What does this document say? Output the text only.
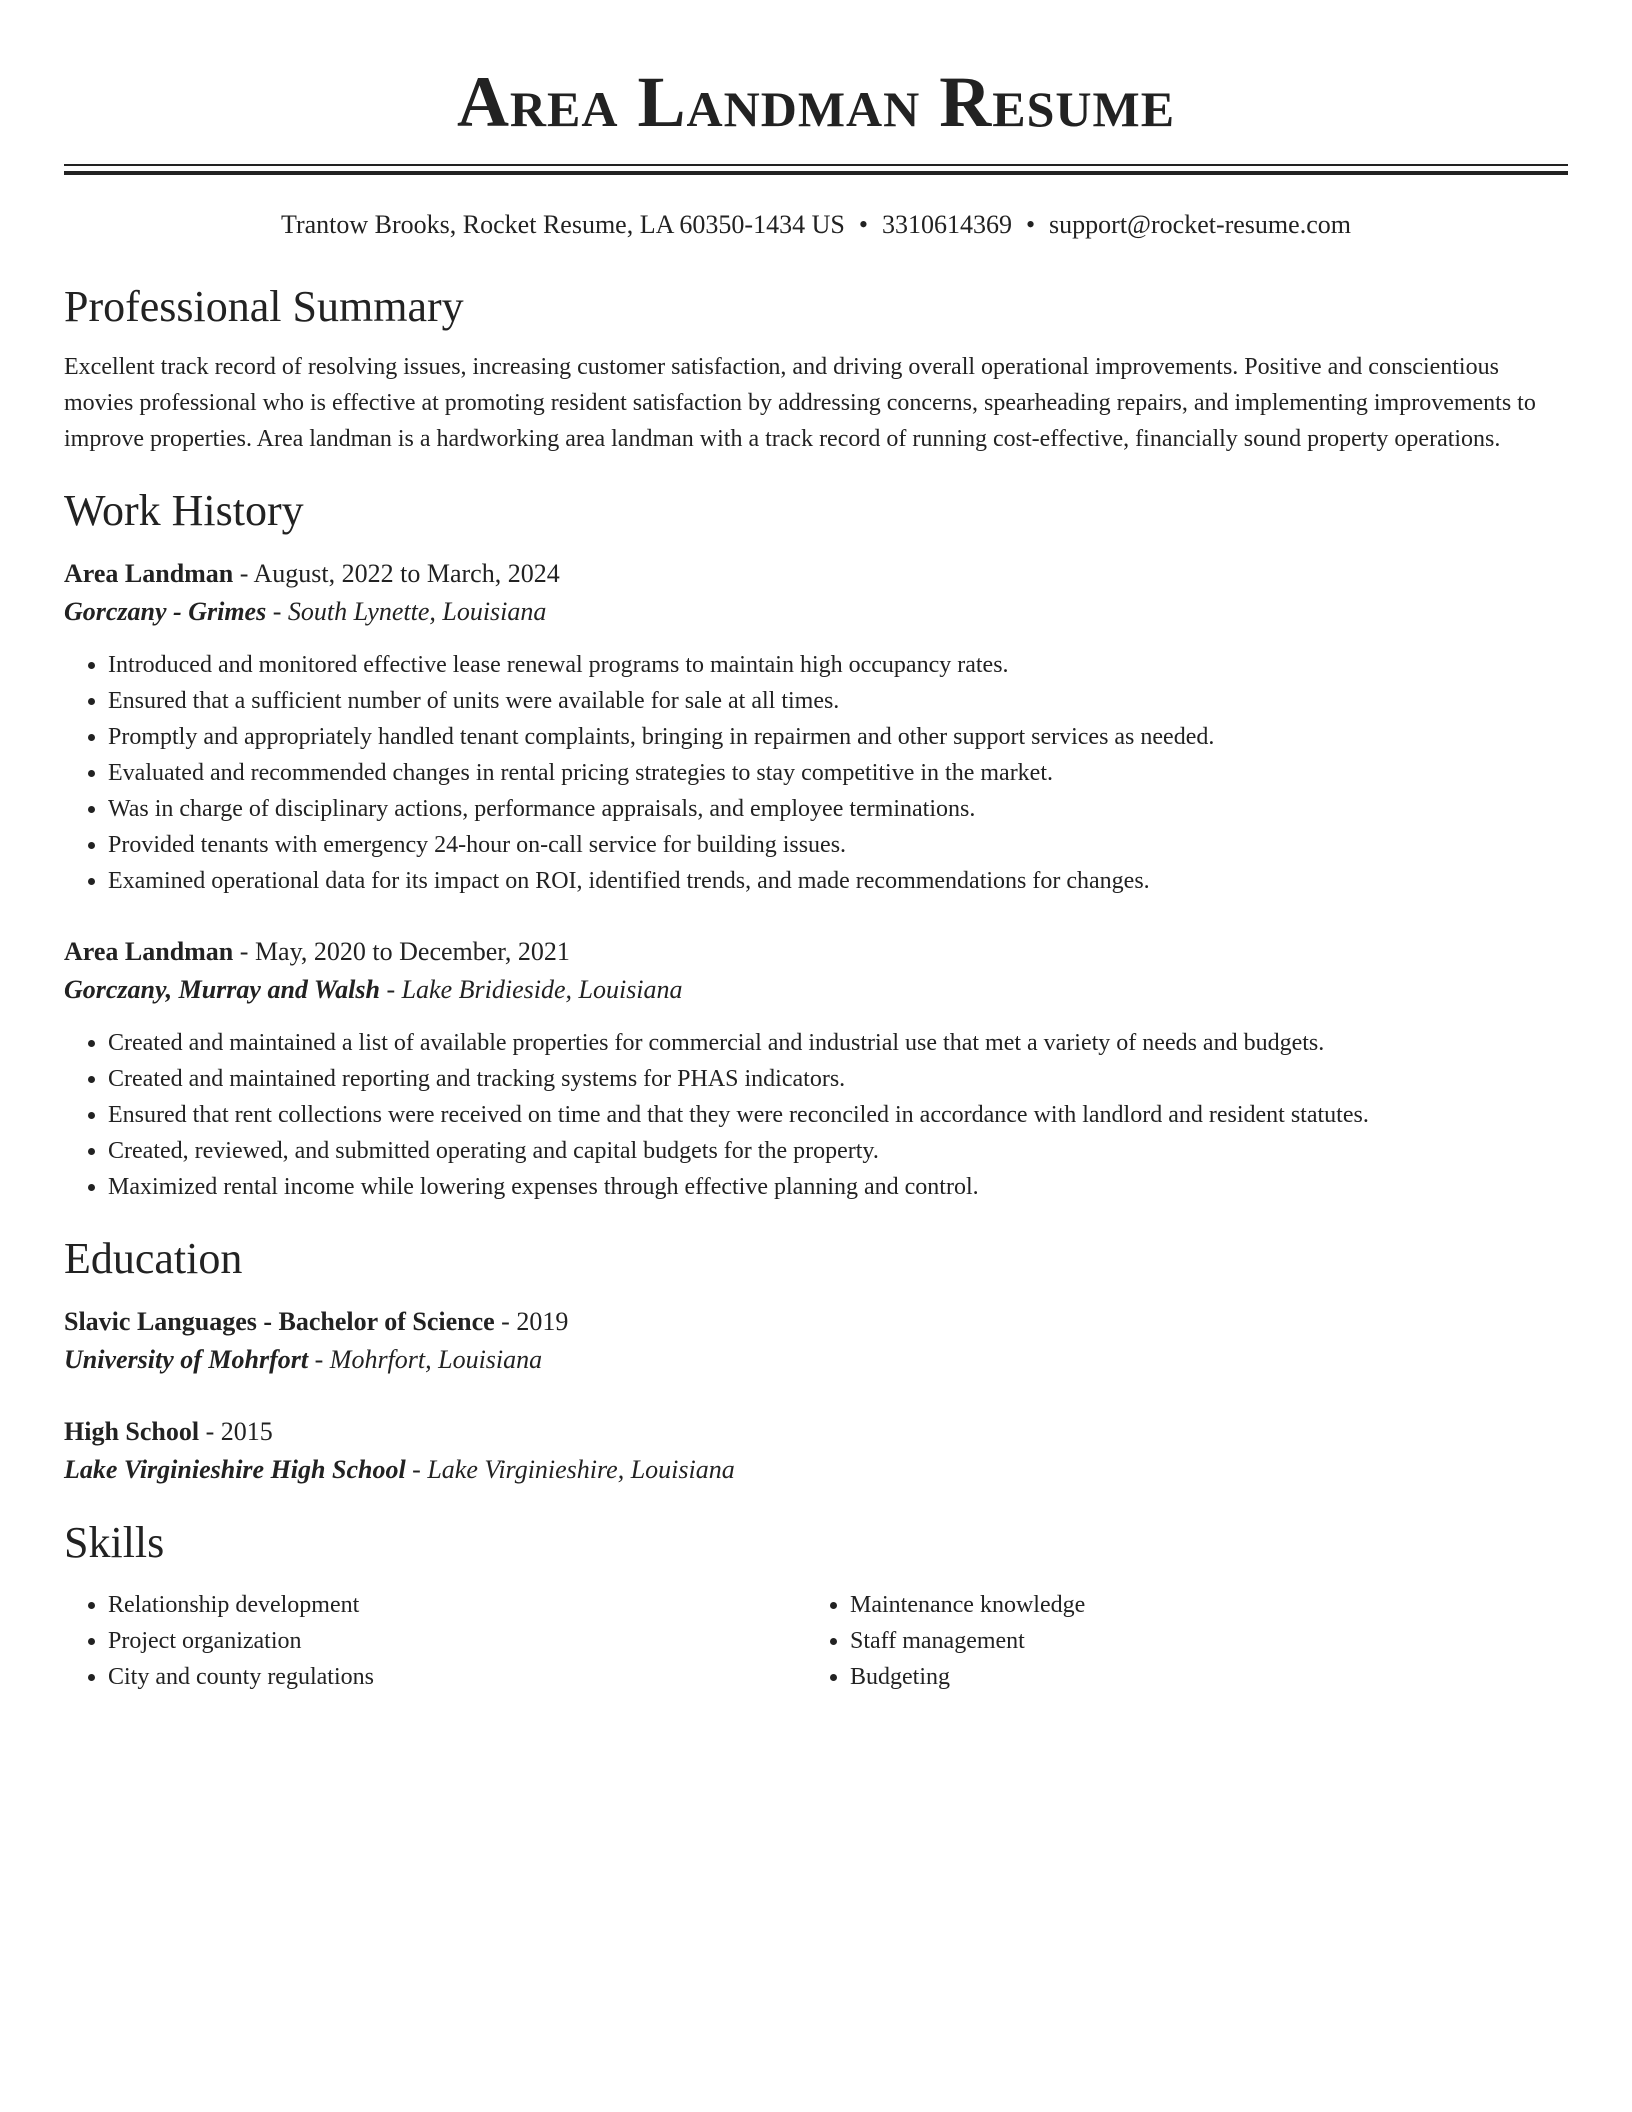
Area Landman Resume
Trantow Brooks, Rocket Resume, LA 60350-1434 US • 3310614369 • support@rocket-resume.com
Professional Summary
Excellent track record of resolving issues, increasing customer satisfaction, and driving overall operational improvements. Positive and conscientious movies professional who is effective at promoting resident satisfaction by addressing concerns, spearheading repairs, and implementing improvements to improve properties. Area landman is a hardworking area landman with a track record of running cost-effective, financially sound property operations.
Work History
Area Landman - August, 2022 to March, 2024
Gorczany - Grimes - South Lynette, Louisiana
• Introduced and monitored effective lease renewal programs to maintain high occupancy rates.
• Ensured that a sufficient number of units were available for sale at all times.
• Promptly and appropriately handled tenant complaints, bringing in repairmen and other support services as needed.
• Evaluated and recommended changes in rental pricing strategies to stay competitive in the market.
• Was in charge of disciplinary actions, performance appraisals, and employee terminations.
• Provided tenants with emergency 24-hour on-call service for building issues.
• Examined operational data for its impact on ROI, identified trends, and made recommendations for changes.
Area Landman - May, 2020 to December, 2021
Gorczany, Murray and Walsh - Lake Bridieside, Louisiana
• Created and maintained a list of available properties for commercial and industrial use that met a variety of needs and budgets.
• Created and maintained reporting and tracking systems for PHAS indicators.
• Ensured that rent collections were received on time and that they were reconciled in accordance with landlord and resident statutes.
• Created, reviewed, and submitted operating and capital budgets for the property.
• Maximized rental income while lowering expenses through effective planning and control.
Education
Slavic Languages - Bachelor of Science - 2019
University of Mohrfort - Mohrfort, Louisiana
High School - 2015
Lake Virginieshire High School - Lake Virginieshire, Louisiana
Skills
• Relationship development
• Project organization
• City and county regulations
• Maintenance knowledge
• Staff management
• Budgeting
